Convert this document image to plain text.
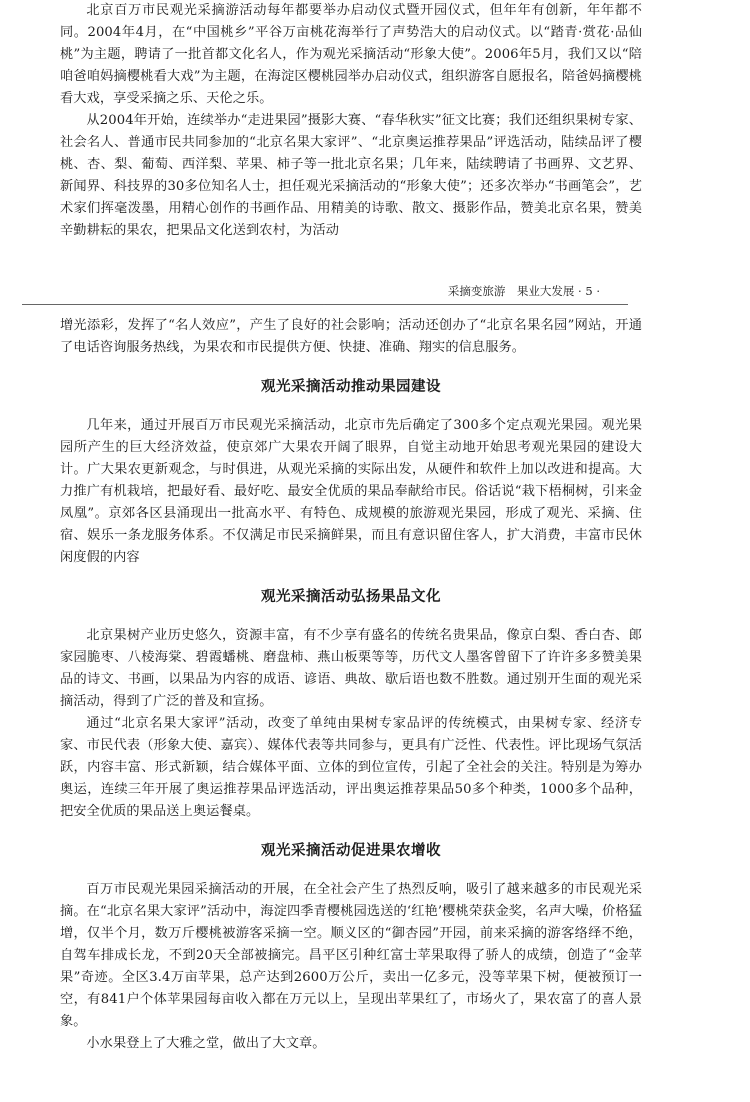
北京百万市民观光采摘游活动每年都要举办启动仪式暨开园仪式，但年年有创新，年年都不同。2004年4月，在“中国桃乡”平谷万亩桃花海举行了声势浩大的启动仪式。以“踏青·赏花·品仙桃”为主题，聘请了一批首都文化名人，作为观光采摘活动“形象大使”。2006年5月，我们又以“陪咱爸咱妈摘樱桃看大戏”为主题，在海淀区樱桃园举办启动仪式，组织游客自愿报名，陪爸妈摘樱桃看大戏，享受采摘之乐、天伦之乐。

从2004年开始，连续举办“走进果园”摄影大赛、“春华秋实”征文比赛；我们还组织果树专家、社会名人、普通市民共同参加的“北京名果大家评”、“北京奥运推荐果品”评选活动，陆续品评了樱桃、杏、梨、葡萄、西洋梨、苹果、柿子等一批北京名果；几年来，陆续聘请了书画界、文艺界、新闻界、科技界的30多位知名人士，担任观光采摘活动的“形象大使”；还多次举办“书画笔会”，艺术家们挥毫泼墨，用精心创作的书画作品、用精美的诗歌、散文、摄影作品，赞美北京名果，赞美辛勤耕耘的果农，把果品文化送到农村，为活动

采摘变旅游　果业大发展 · 5 ·

增光添彩，发挥了“名人效应”，产生了良好的社会影响；活动还创办了“北京名果名园”网站，开通了电话咨询服务热线，为果农和市民提供方便、快捷、准确、翔实的信息服务。

观光采摘活动推动果园建设

几年来，通过开展百万市民观光采摘活动，北京市先后确定了300多个定点观光果园。观光果园所产生的巨大经济效益，使京郊广大果农开阔了眼界，自觉主动地开始思考观光果园的建设大计。广大果农更新观念，与时俱进，从观光采摘的实际出发，从硬件和软件上加以改进和提高。大力推广有机栽培，把最好看、最好吃、最安全优质的果品奉献给市民。俗话说“栽下梧桐树，引来金凤凰”。京郊各区县涌现出一批高水平、有特色、成规模的旅游观光果园，形成了观光、采摘、住宿、娱乐一条龙服务体系。不仅满足市民采摘鲜果，而且有意识留住客人，扩大消费，丰富市民休闲度假的内容

观光采摘活动弘扬果品文化

北京果树产业历史悠久，资源丰富，有不少享有盛名的传统名贵果品，像京白梨、香白杏、郎家园脆枣、八棱海棠、碧霞蟠桃、磨盘柿、燕山板栗等等，历代文人墨客曾留下了许许多多赞美果品的诗文、书画，以果品为内容的成语、谚语、典故、歇后语也数不胜数。通过别开生面的观光采摘活动，得到了广泛的普及和宣扬。

通过“北京名果大家评”活动，改变了单纯由果树专家品评的传统模式，由果树专家、经济专家、市民代表（形象大使、嘉宾）、媒体代表等共同参与，更具有广泛性、代表性。评比现场气氛活跃，内容丰富、形式新颖，结合媒体平面、立体的到位宣传，引起了全社会的关注。特别是为筹办奥运，连续三年开展了奥运推荐果品评选活动，评出奥运推荐果品50多个种类，1000多个品种，把安全优质的果品送上奥运餐桌。

观光采摘活动促进果农增收

百万市民观光果园采摘活动的开展，在全社会产生了热烈反响，吸引了越来越多的市民观光采摘。在“北京名果大家评”活动中，海淀四季青樱桃园选送的‘红艳’樱桃荣获金奖，名声大噪，价格猛增，仅半个月，数万斤樱桃被游客采摘一空。顺义区的“御杏园”开园，前来采摘的游客络绎不绝，自驾车排成长龙，不到20天全部被摘完。昌平区引种红富士苹果取得了骄人的成绩，创造了“金苹果”奇迹。全区3.4万亩苹果，总产达到2600万公斤，卖出一亿多元，没等苹果下树，便被预订一空，有841户个体苹果园每亩收入都在万元以上，呈现出苹果红了，市场火了，果农富了的喜人景象。

小水果登上了大雅之堂，做出了大文章。
